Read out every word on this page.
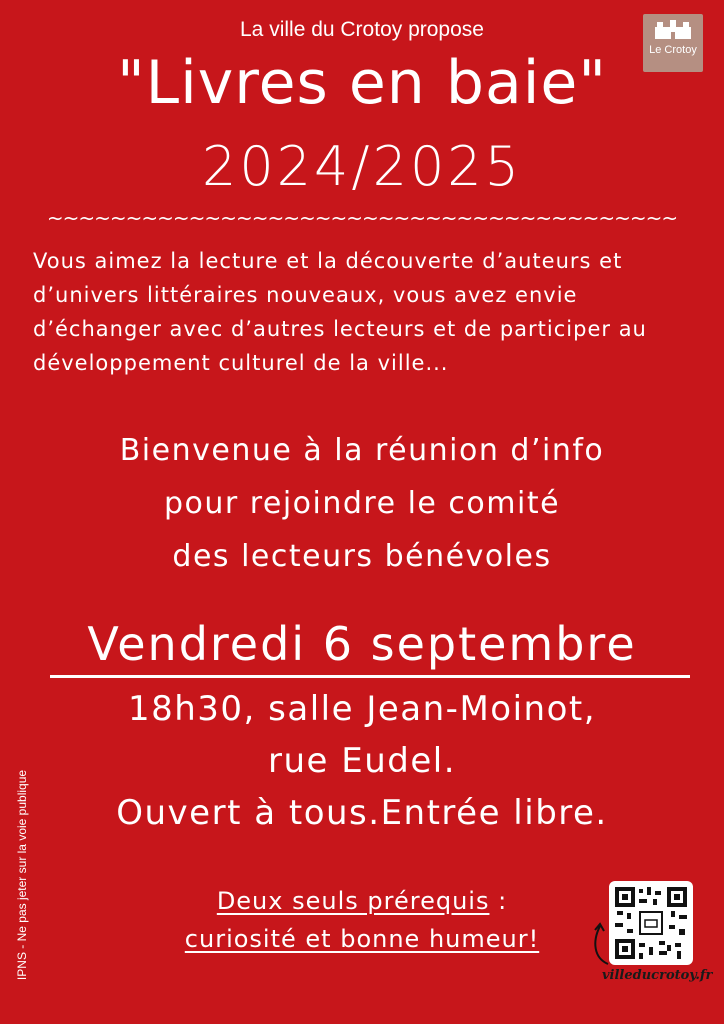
La ville du Crotoy propose
Le Crotoy
"Livres en baie"
2024/2025
~~~~~~~~~~~~~~~~~~~~~~~~~~~~~~~~~~~~~~~~
Vous aimez la lecture et la découverte d’auteurs et d’univers littéraires nouveaux, vous avez envie d’échanger avec d’autres lecteurs et de participer au développement culturel de la ville...
Bienvenue à la réunion d’info
pour rejoindre le comité
des lecteurs bénévoles
Vendredi 6 septembre
18h30, salle Jean-Moinot,
rue Eudel.
Ouvert à tous.Entrée libre.
Deux seuls prérequis :
curiosité et bonne humeur!
IPNS - Ne pas jeter sur la voie publique	villeducrotoy.fr
